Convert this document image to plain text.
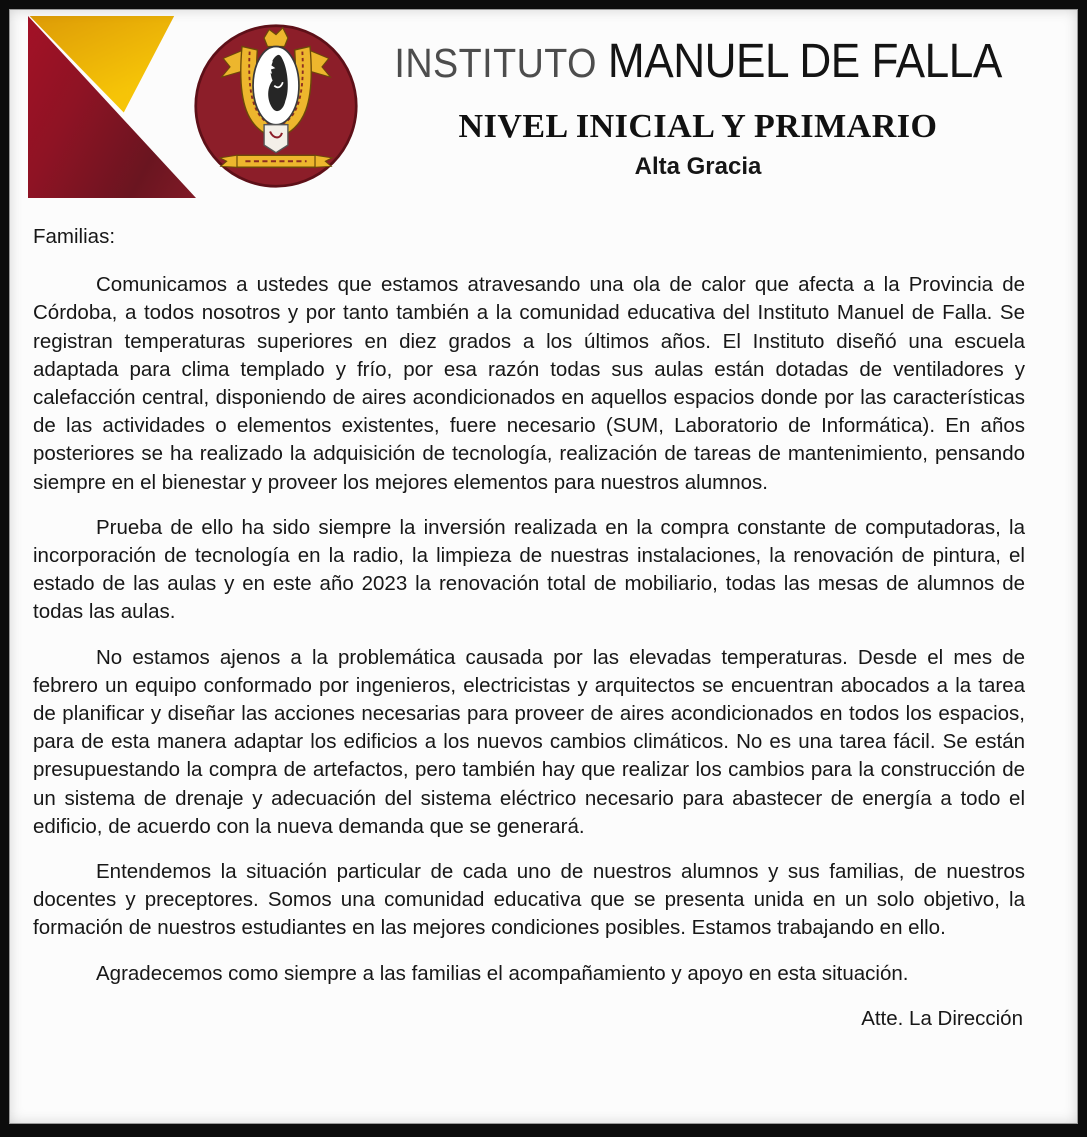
INSTITUTO MANUEL DE FALLA
NIVEL INICIAL Y PRIMARIO
Alta Gracia
Familias:

Comunicamos a ustedes que estamos atravesando una ola de calor que afecta a la Provincia de Córdoba, a todos nosotros y por tanto también a la comunidad educativa del Instituto Manuel de Falla. Se registran temperaturas superiores en diez grados a los últimos años. El Instituto diseñó una escuela adaptada para clima templado y frío, por esa razón todas sus aulas están dotadas de ventiladores y calefacción central, disponiendo de aires acondicionados en aquellos espacios donde por las características de las actividades o elementos existentes, fuere necesario (SUM, Laboratorio de Informática). En años posteriores se ha realizado la adquisición de tecnología, realización de tareas de mantenimiento, pensando siempre en el bienestar y proveer los mejores elementos para nuestros alumnos.

Prueba de ello ha sido siempre la inversión realizada en la compra constante de computadoras, la incorporación de tecnología en la radio, la limpieza de nuestras instalaciones, la renovación de pintura, el estado de las aulas y en este año 2023 la renovación total de mobiliario, todas las mesas de alumnos de todas las aulas.

No estamos ajenos a la problemática causada por las elevadas temperaturas. Desde el mes de febrero un equipo conformado por ingenieros, electricistas y arquitectos se encuentran abocados a la tarea de planificar y diseñar las acciones necesarias para proveer de aires acondicionados en todos los espacios, para de esta manera adaptar los edificios a los nuevos cambios climáticos. No es una tarea fácil. Se están presupuestando la compra de artefactos, pero también hay que realizar los cambios para la construcción de un sistema de drenaje y adecuación del sistema eléctrico necesario para abastecer de energía a todo el edificio, de acuerdo con la nueva demanda que se generará.

Entendemos la situación particular de cada uno de nuestros alumnos y sus familias, de nuestros docentes y preceptores. Somos una comunidad educativa que se presenta unida en un solo objetivo, la formación de nuestros estudiantes en las mejores condiciones posibles. Estamos trabajando en ello.

Agradecemos como siempre a las familias el acompañamiento y apoyo en esta situación.

Atte. La Dirección
